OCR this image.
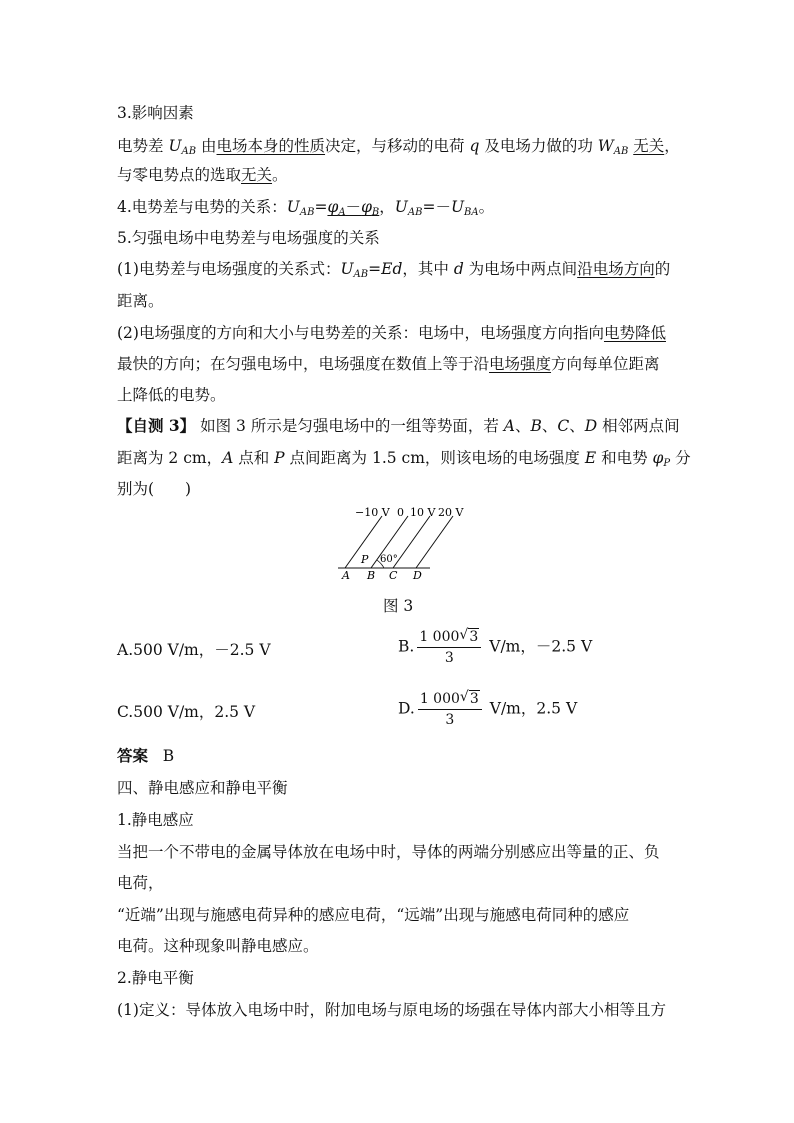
3.影响因素
电势差 $U_{AB}$ 由电场本身的性质决定，与移动的电荷 q 及电场力做的功 $W_{AB}$ 无关，
与零电势点的选取无关。
4.电势差与电势的关系：$U_{AB}=\varphi_A-\varphi_B$，$U_{AB}=-U_{BA}$。
5.匀强电场中电势差与电场强度的关系
(1)电势差与电场强度的关系式：$U_{AB}=Ed$，其中 d 为电场中两点间沿电场方向的
距离。
(2)电场强度的方向和大小与电势差的关系：电场中，电场强度方向指向电势降低
最快的方向；在匀强电场中，电场强度在数值上等于沿电场强度方向每单位距离
上降低的电势。
【自测 3】 如图 3 所示是匀强电场中的一组等势面，若 A、B、C、D 相邻两点间
距离为 2 cm，A 点和 P 点间距离为 1.5 cm，则该电场的电场强度 E 和电势 $\varphi_P$ 分
别为(　　)
−10 V 0 10 V 20 V
P 60°
A B C D
图 3
A.500 V/m，－2.5 V	B. $\frac{1 000 √ 3}{3} V/m$，－2.5 V
C.500 V/m，2.5 V	D. $\frac{1 000 √ 3}{3} V/m$，2.5 V
答案 B
四、静电感应和静电平衡
1.静电感应
当把一个不带电的金属导体放在电场中时，导体的两端分别感应出等量的正、负
电荷，
“近端”出现与施感电荷异种的感应电荷，“远端”出现与施感电荷同种的感应
电荷。这种现象叫静电感应。
2.静电平衡
(1)定义：导体放入电场中时，附加电场与原电场的场强在导体内部大小相等且方
